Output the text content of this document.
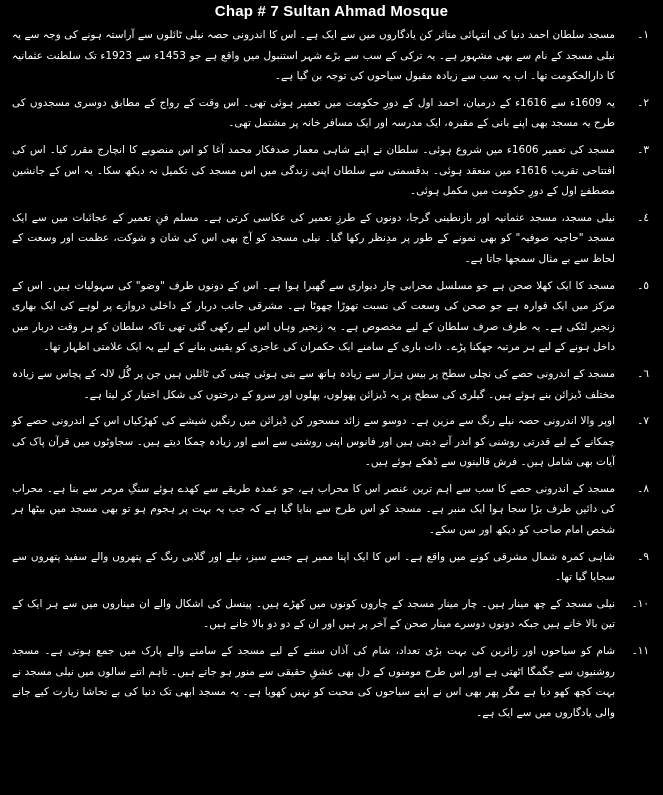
Chap # 7 Sultan Ahmad Mosque
١۔
مسجد سلطان احمد دنیا کی انتہائی متاثر کن یادگاروں میں سے ایک ہے۔ اس کا اندرونی حصہ نیلی ٹائلوں سے آراستہ ہونے کی وجہ سے یہ نیلی مسجد کے نام سے بھی مشہور ہے۔ یہ ترکی کے سب سے بڑے شہر استنبول میں واقع ہے جو 1453ء سے 1923ء تک سلطنت عثمانیہ کا دارالحکومت تھا۔ اب یہ سب سے زیادہ مقبول سیاحوں کی توجہ بن گیا ہے۔
٢۔
یہ 1609ء سے 1616ء کے درمیان، احمد اول کے دورِ حکومت میں تعمیر ہوئی تھی۔ اس وقت کے رواج کے مطابق دوسری مسجدوں کی طرح یہ مسجد بھی اپنے بانی کے مقبرہ، ایک مدرسہ اور ایک مسافر خانہ پر مشتمل تھی۔
٣۔
مسجد کی تعمیر 1606ء میں شروع ہوئی۔ سلطان نے اپنے شاہی معمار صدفکار محمد آغا کو اس منصوبے کا انچارج مقرر کیا۔ اس کی افتتاحی تقریب 1616ء میں منعقد ہوئی۔ بدقسمتی سے سلطان اپنی زندگی میں اس مسجد کی تکمیل نہ دیکھ سکا۔ یہ اس کے جانشین مصطفےٰ اول کے دورِ حکومت میں مکمل ہوئی۔
٤۔
نیلی مسجد، مسجد عثمانیہ اور بازنطینی گرجا، دونوں کے طرزِ تعمیر کی عکاسی کرتی ہے۔ مسلم فنِ تعمیر کے عجائبات میں سے ایک مسجد "حاجیہ صوفیہ" کو بھی نمونے کے طور پر مدِنظر رکھا گیا۔ نیلی مسجد کو آج بھی اس کی شان و شوکت، عظمت اور وسعت کے لحاظ سے بے مثال سمجھا جاتا ہے۔
٥۔
مسجد کا ایک کھلا صحن ہے جو مسلسل محرابی چار دیواری سے گھیرا ہوا ہے۔ اس کے دونوں طرف "وضو" کی سہولیات ہیں۔ اس کے مرکز میں ایک فوارہ ہے جو صحن کی وسعت کی نسبت تھوڑا چھوٹا ہے۔ مشرقی جانب دربار کے داخلی دروازے پر لوہے کی ایک بھاری زنجیر لٹکی ہے۔ یہ طرف صرف سلطان کے لیے مخصوص ہے۔ یہ زنجیر وہاں اس لیے رکھی گئی تھی تاکہ سلطان کو ہر وقت دربار میں داخل ہونے کے لیے ہر مرتبہ جھکنا پڑے۔ ذات باری کے سامنے ایک حکمران کی عاجزی کو یقینی بنانے کے لیے یہ ایک علامتی اظہار تھا۔
٦۔
مسجد کے اندرونی حصے کی نچلی سطح پر بیس ہزار سے زیادہ ہاتھ سے بنی ہوئی چینی کی ٹائلیں ہیں جن پر گُل لالہ کے پچاس سے زیادہ مختلف ڈیزائن بنے ہوئے ہیں۔ گیلری کی سطح پر یہ ڈیزائن پھولوں، پھلوں اور سرو کے درختوں کی شکل اختیار کر لیتا ہے۔
٧۔
اوپر والا اندرونی حصہ نیلے رنگ سے مزین ہے۔ دوسو سے زائد مسحور کن ڈیزائن میں رنگین شیشے کی کھڑکیاں اس کے اندرونی حصے کو چمکانے کے لیے قدرتی روشنی کو اندر آنے دیتی ہیں اور فانوس اپنی روشنی سے اسے اور زیادہ چمکا دیتے ہیں۔ سجاوٹوں میں قرآن پاک کی آیات بھی شامل ہیں۔ فرش قالینوں سے ڈھکے ہوئے ہیں۔
٨۔
مسجد کے اندرونی حصے کا سب سے اہم ترین عنصر اس کا محراب ہے، جو عمدہ طریقے سے کھدے ہوئے سنگِ مرمر سے بنا ہے۔ محراب کی دائیں طرف بڑا سجا ہوا ایک منبر ہے۔ مسجد کو اس طرح سے بنایا گیا ہے کہ جب یہ بہت پر ہجوم ہو تو بھی مسجد میں بیٹھا ہر شخص امام صاحب کو دیکھ اور سن سکے۔
٩۔
شاہی کمرہ شمال مشرقی کونے میں واقع ہے۔ اس کا ایک اپنا ممبر ہے جسے سبز، نیلے اور گلابی رنگ کے پتھروں والے سفید پتھروں سے سجایا گیا تھا۔
١٠۔
نیلی مسجد کے چھ مینار ہیں۔ چار مینار مسجد کے چاروں کونوں میں کھڑے ہیں۔ پینسل کی اشکال والے ان میناروں میں سے ہر ایک کے تین بالا خانے ہیں جبکہ دونوں دوسرے مینار صحن کے آخر پر ہیں اور ان کے دو دو بالا خانے ہیں۔
١١۔
شام کو سیاحوں اور زائرین کی بہت بڑی تعداد، شام کی آذان سننے کے لیے مسجد کے سامنے والے پارک میں جمع ہوتی ہے۔ مسجد روشنیوں سے جگمگا اٹھتی ہے اور اس طرح مومنوں کے دل بھی عشقِ حقیقی سے منور ہو جاتے ہیں۔ تاہم اتنے سالوں میں نیلی مسجد نے بہت کچھ کھو دیا ہے مگر پھر بھی اس نے اپنے سیاحوں کی محبت کو نہیں کھویا ہے۔ یہ مسجد ابھی تک دنیا کی بے تحاشا زیارت کیے جانے والی یادگاروں میں سے ایک ہے۔
